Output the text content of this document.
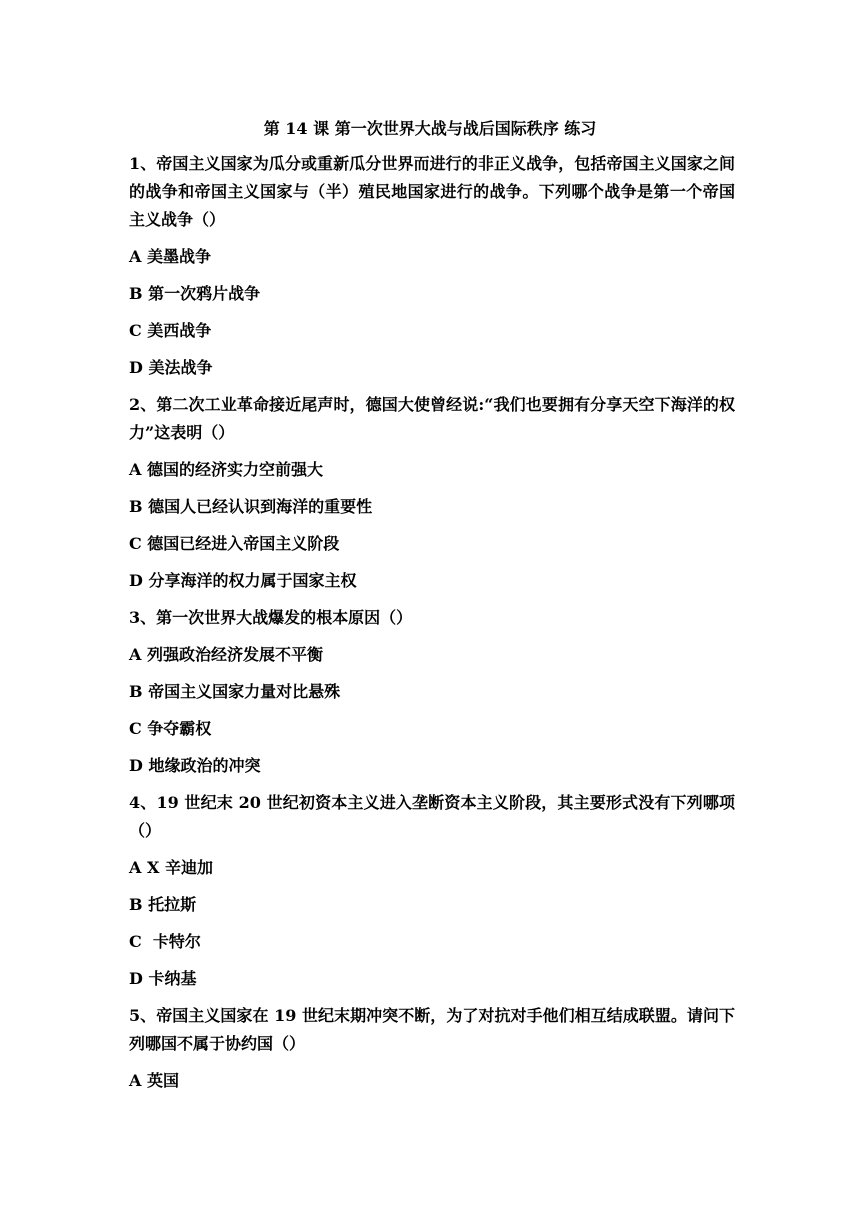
第 14 课 第一次世界大战与战后国际秩序 练习
1、帝国主义国家为瓜分或重新瓜分世界而进行的非正义战争，包括帝国主义国家之间的战争和帝国主义国家与（半）殖民地国家进行的战争。下列哪个战争是第一个帝国主义战争（）
A 美墨战争
B 第一次鸦片战争
C 美西战争
D 美法战争
2、第二次工业革命接近尾声时，德国大使曾经说:“我们也要拥有分享天空下海洋的权力”这表明（）
A 德国的经济实力空前强大
B 德国人已经认识到海洋的重要性
C 德国已经进入帝国主义阶段
D 分享海洋的权力属于国家主权
3、第一次世界大战爆发的根本原因（）
A 列强政治经济发展不平衡
B 帝国主义国家力量对比悬殊
C 争夺霸权
D 地缘政治的冲突
4、19 世纪末 20 世纪初资本主义进入垄断资本主义阶段，其主要形式没有下列哪项（）
A X 辛迪加
B 托拉斯
C  卡特尔
D 卡纳基
5、帝国主义国家在 19 世纪末期冲突不断，为了对抗对手他们相互结成联盟。请问下列哪国不属于协约国（）
A 英国
